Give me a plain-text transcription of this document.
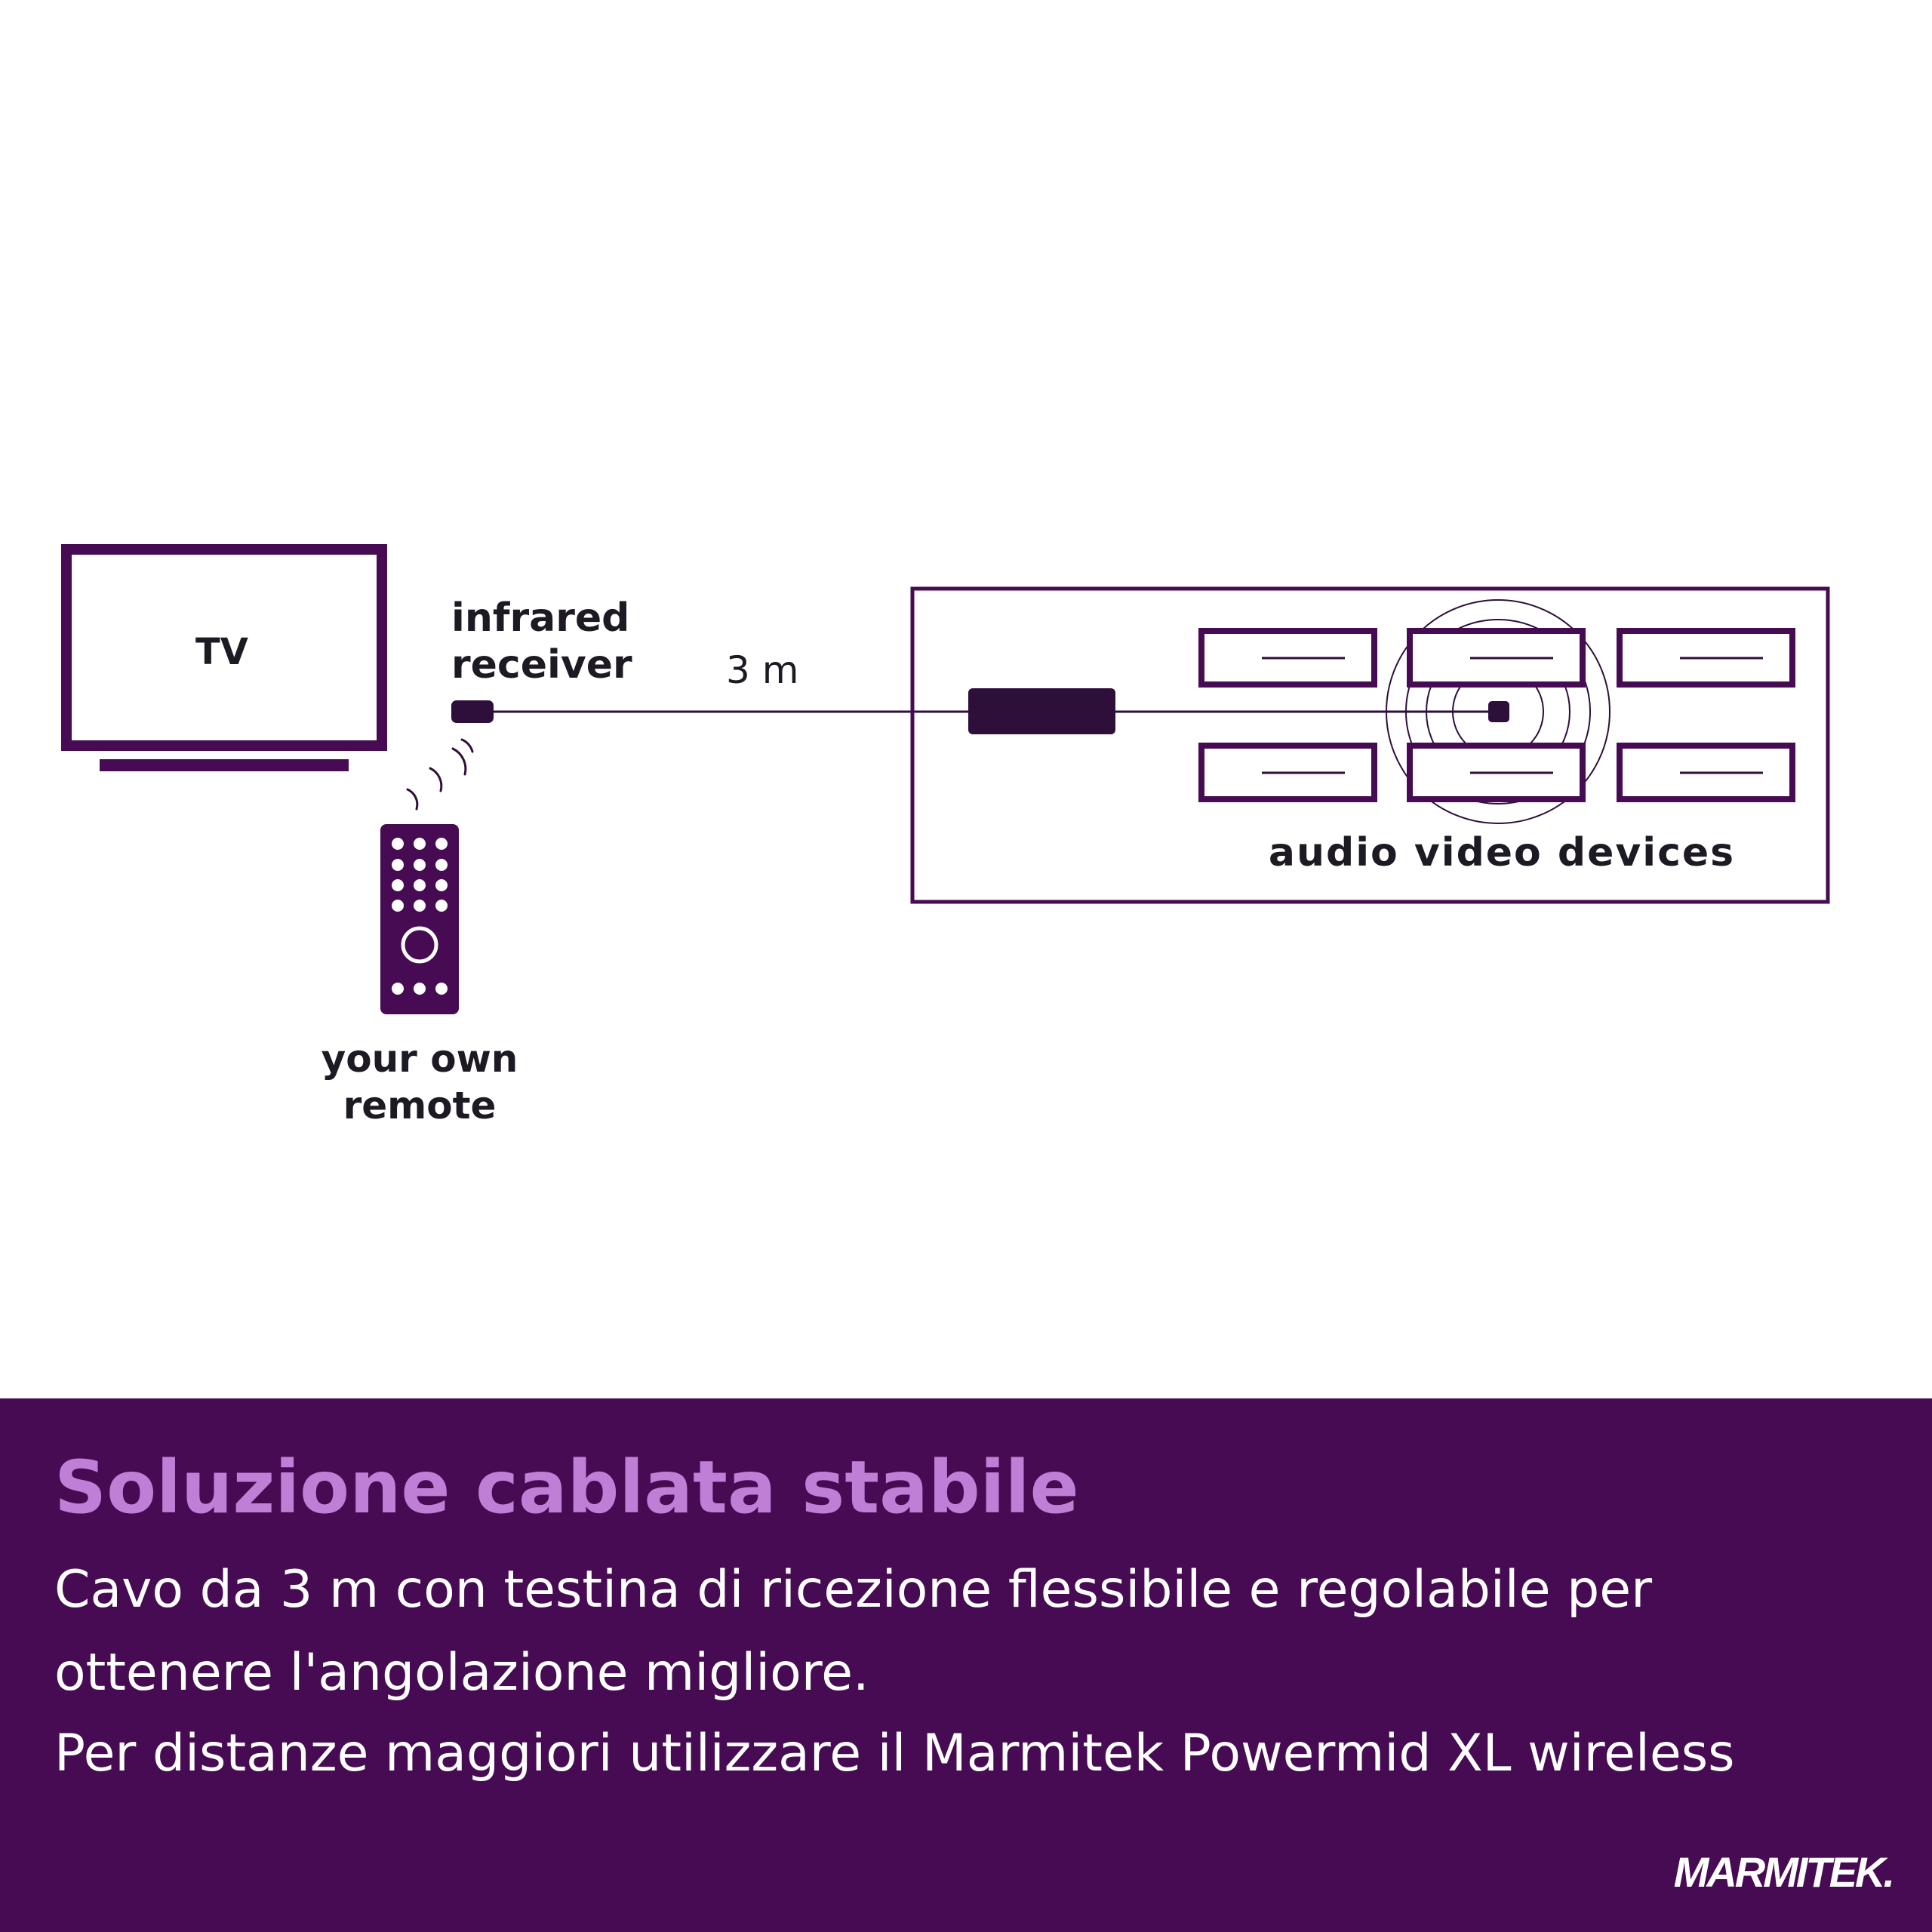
TV
infrared
receiver 3 m
your own
remote
audio video devices
Soluzione cablata stabile
Cavo da 3 m con testina di ricezione flessibile e regolabile per
ottenere l'angolazione migliore.
Per distanze maggiori utilizzare il Marmitek Powermid XL wireless
MARMITEK.
